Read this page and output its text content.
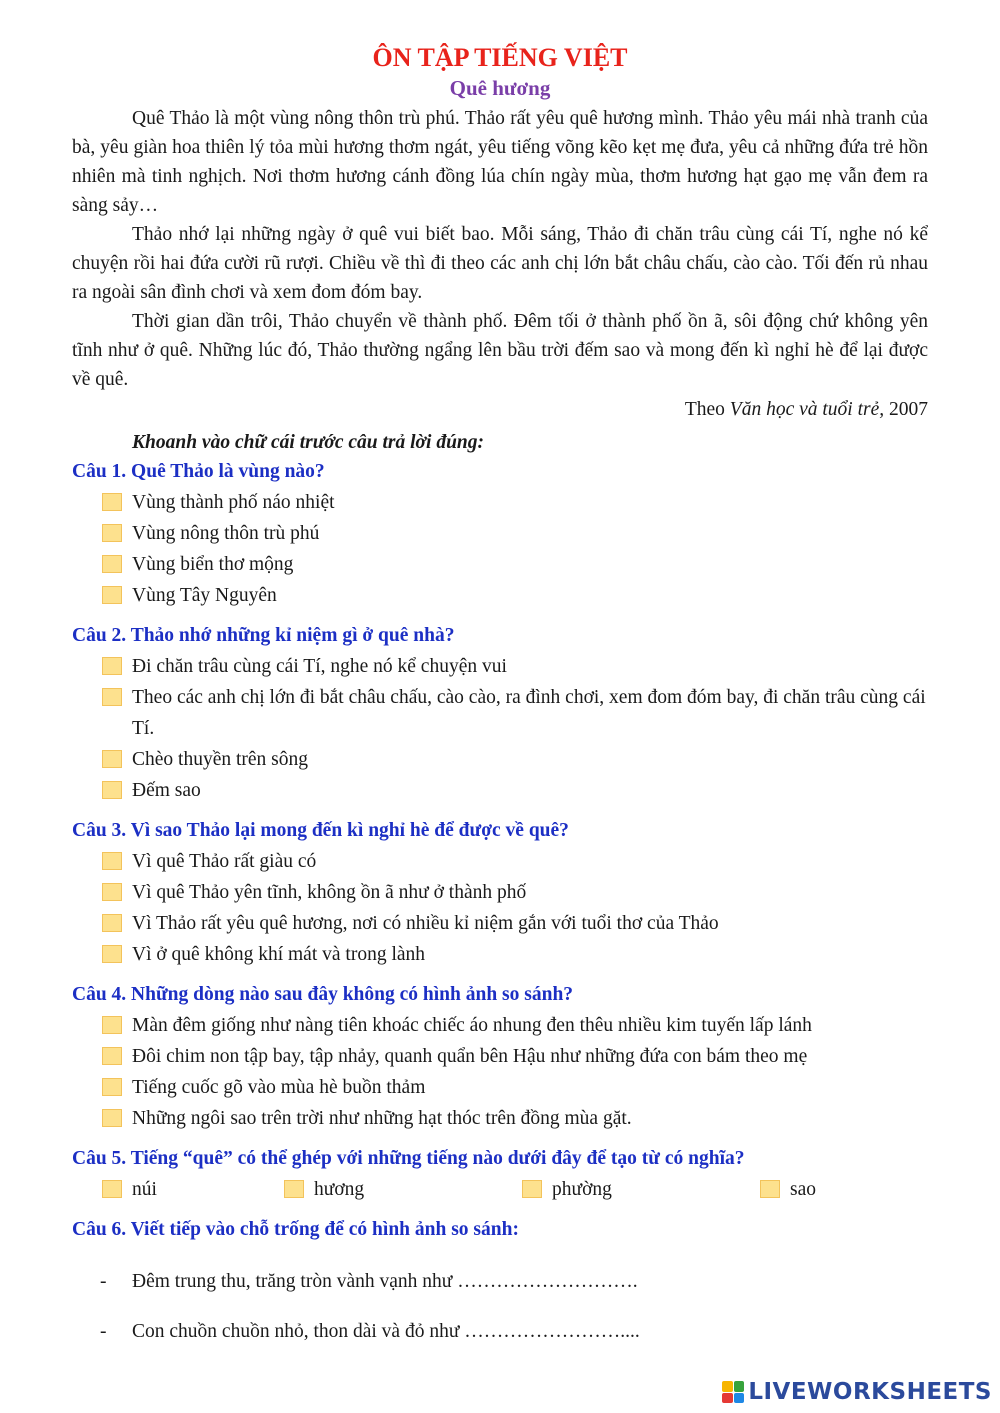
ÔN TẬP TIẾNG VIỆT
Quê hương

Quê Thảo là một vùng nông thôn trù phú. Thảo rất yêu quê hương mình. Thảo yêu mái nhà tranh của bà, yêu giàn hoa thiên lý tỏa mùi hương thơm ngát, yêu tiếng võng kẽo kẹt mẹ đưa, yêu cả những đứa trẻ hồn nhiên mà tinh nghịch. Nơi thơm hương cánh đồng lúa chín ngày mùa, thơm hương hạt gạo mẹ vẫn đem ra sàng sảy…

Thảo nhớ lại những ngày ở quê vui biết bao. Mỗi sáng, Thảo đi chăn trâu cùng cái Tí, nghe nó kể chuyện rồi hai đứa cười rũ rượi. Chiều về thì đi theo các anh chị lớn bắt châu chấu, cào cào. Tối đến rủ nhau ra ngoài sân đình chơi và xem đom đóm bay.

Thời gian dần trôi, Thảo chuyển về thành phố. Đêm tối ở thành phố ồn ã, sôi động chứ không yên tĩnh như ở quê. Những lúc đó, Thảo thường ngẩng lên bầu trời đếm sao và mong đến kì nghỉ hè để lại được về quê.

Theo Văn học và tuổi trẻ, 2007

Khoanh vào chữ cái trước câu trả lời đúng:

Câu 1. Quê Thảo là vùng nào?

Vùng thành phố náo nhiệt
Vùng nông thôn trù phú
Vùng biển thơ mộng
Vùng Tây Nguyên

Câu 2. Thảo nhớ những kỉ niệm gì ở quê nhà?

Đi chăn trâu cùng cái Tí, nghe nó kể chuyện vui
Theo các anh chị lớn đi bắt châu chấu, cào cào, ra đình chơi, xem đom đóm bay, đi chăn trâu cùng cái Tí.
Chèo thuyền trên sông
Đếm sao

Câu 3. Vì sao Thảo lại mong đến kì nghỉ hè để được về quê?

Vì quê Thảo rất giàu có
Vì quê Thảo yên tĩnh, không ồn ã như ở thành phố
Vì Thảo rất yêu quê hương, nơi có nhiều kỉ niệm gắn với tuổi thơ của Thảo
Vì ở quê không khí mát và trong lành

Câu 4. Những dòng nào sau đây không có hình ảnh so sánh?

Màn đêm giống như nàng tiên khoác chiếc áo nhung đen thêu nhiều kim tuyến lấp lánh
Đôi chim non tập bay, tập nhảy, quanh quẩn bên Hậu như những đứa con bám theo mẹ
Tiếng cuốc gõ vào mùa hè buồn thảm
Những ngôi sao trên trời như những hạt thóc trên đồng mùa gặt.

Câu 5. Tiếng “quê” có thể ghép với những tiếng nào dưới đây để tạo từ có nghĩa?

núi	hương	phường	sao

Câu 6. Viết tiếp vào chỗ trống để có hình ảnh so sánh:

-	Đêm trung thu, trăng tròn vành vạnh như ……………………….
-	Con chuồn chuồn nhỏ, thon dài và đỏ như ……………………....
LIVEWORKSHEETS
